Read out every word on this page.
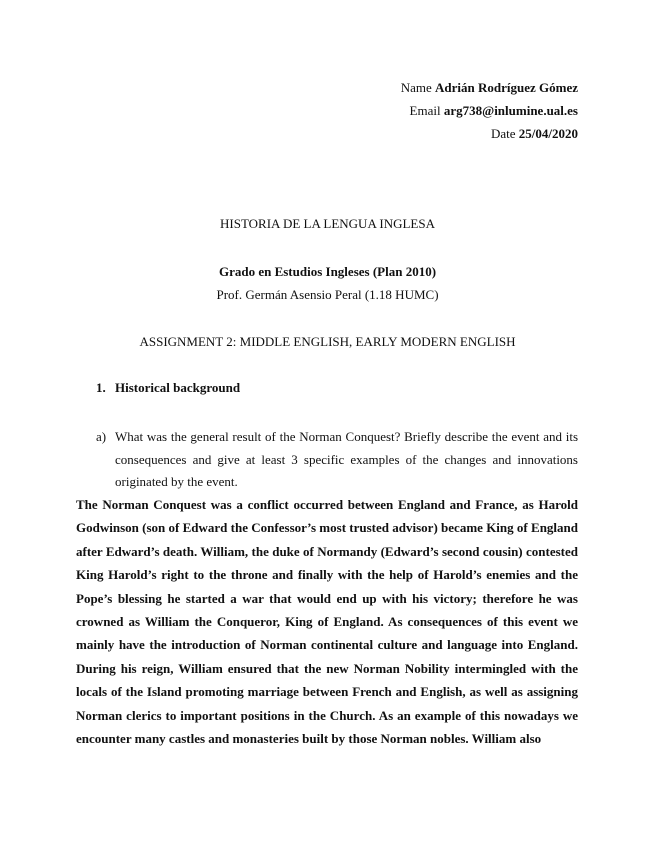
Name Adrián Rodríguez Gómez
Email arg738@inlumine.ual.es
Date 25/04/2020
HISTORIA DE LA LENGUA INGLESA
Grado en Estudios Ingleses (Plan 2010)
Prof. Germán Asensio Peral (1.18 HUMC)
ASSIGNMENT 2: MIDDLE ENGLISH, EARLY MODERN ENGLISH
1. Historical background
a) What was the general result of the Norman Conquest? Briefly describe the event and its consequences and give at least 3 specific examples of the changes and innovations originated by the event.
The Norman Conquest was a conflict occurred between England and France, as Harold Godwinson (son of Edward the Confessor’s most trusted advisor) became King of England after Edward’s death. William, the duke of Normandy (Edward’s second cousin) contested King Harold’s right to the throne and finally with the help of Harold’s enemies and the Pope’s blessing he started a war that would end up with his victory; therefore he was crowned as William the Conqueror, King of England. As consequences of this event we mainly have the introduction of Norman continental culture and language into England. During his reign, William ensured that the new Norman Nobility intermingled with the locals of the Island promoting marriage between French and English, as well as assigning Norman clerics to important positions in the Church. As an example of this nowadays we encounter many castles and monasteries built by those Norman nobles. William also
